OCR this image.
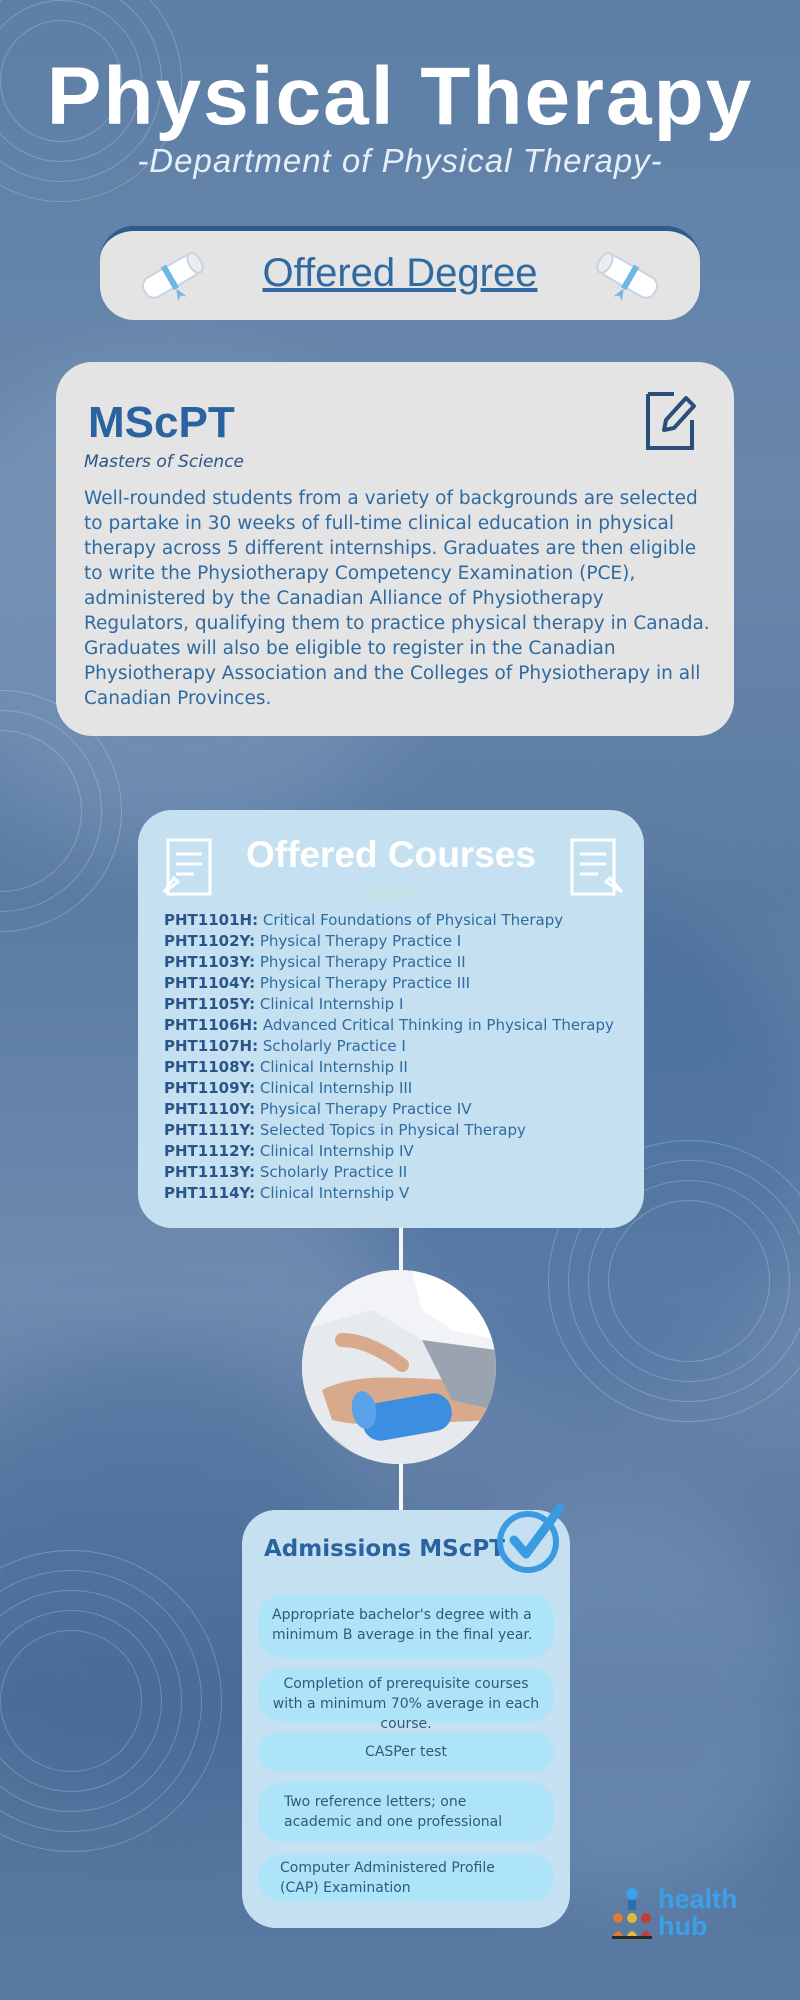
Physical Therapy
-Department of Physical Therapy-
Offered Degree
MScPT
Masters of Science
Well-rounded students from a variety of backgrounds are selected to partake in 30 weeks of full-time clinical education in physical therapy across 5 different internships. Graduates are then eligible to write the Physiotherapy Competency Examination (PCE), administered by the Canadian Alliance of Physiotherapy Regulators, qualifying them to practice physical therapy in Canada. Graduates will also be eligible to register in the Canadian Physiotherapy Association and the Colleges of Physiotherapy in all Canadian Provinces.
Offered Courses
MScPT
PHT1101H: Critical Foundations of Physical Therapy
PHT1102Y: Physical Therapy Practice I
PHT1103Y: Physical Therapy Practice II
PHT1104Y: Physical Therapy Practice III
PHT1105Y: Clinical Internship I
PHT1106H: Advanced Critical Thinking in Physical Therapy
PHT1107H: Scholarly Practice I
PHT1108Y: Clinical Internship II
PHT1109Y: Clinical Internship III
PHT1110Y: Physical Therapy Practice IV
PHT1111Y: Selected Topics in Physical Therapy
PHT1112Y: Clinical Internship IV
PHT1113Y: Scholarly Practice II
PHT1114Y: Clinical Internship V
Admissions MScPT
Appropriate bachelor's degree with a minimum B average in the final year.
Completion of prerequisite courses with a minimum 70% average in each course.
CASPer test
Two reference letters; one academic and one professional
Computer Administered Profile (CAP) Examination	health
hub
